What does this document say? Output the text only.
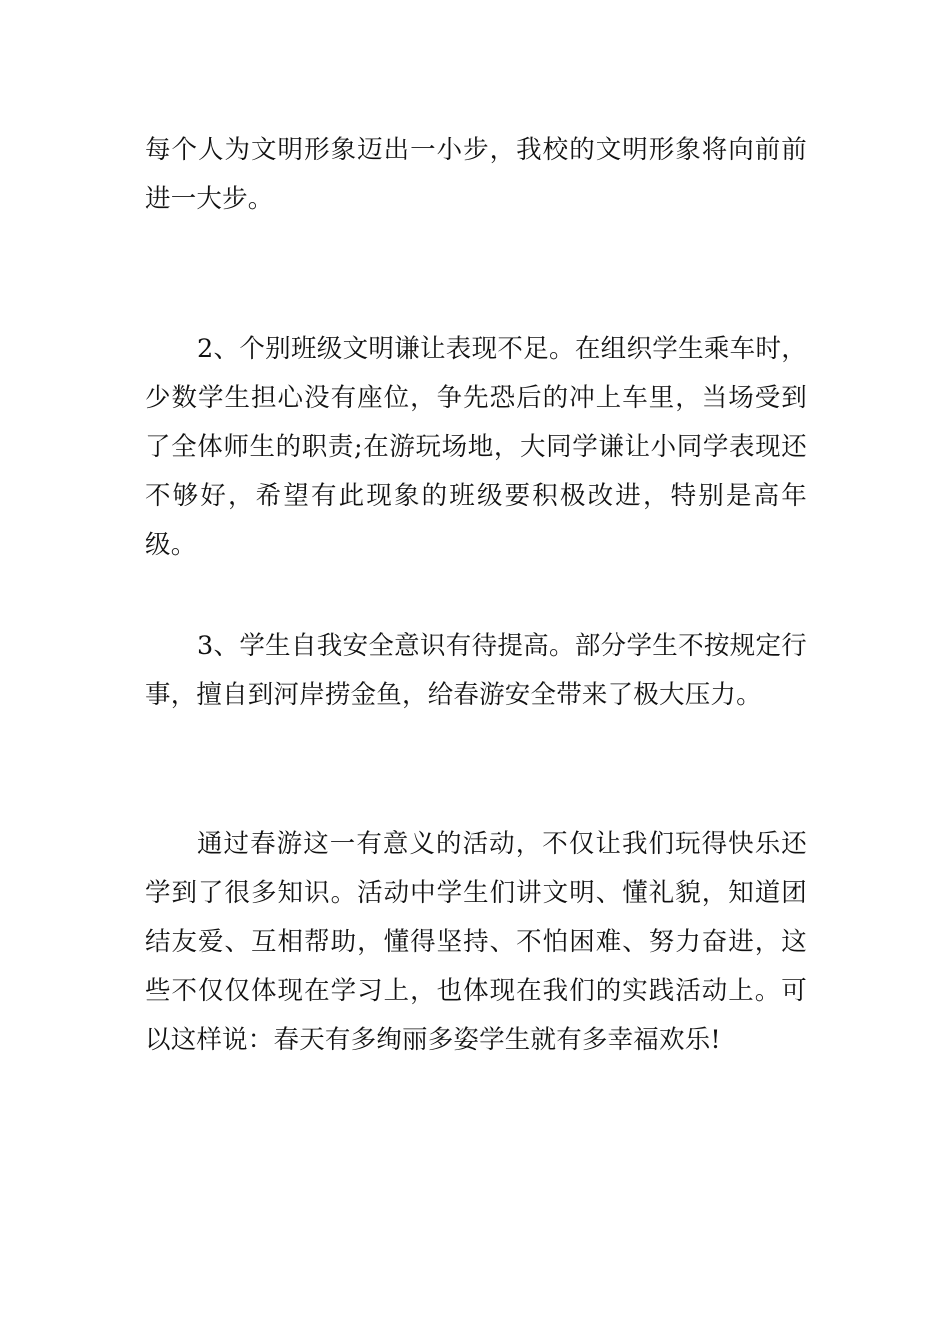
每个人为文明形象迈出一小步，我校的文明形象将向前前进一大步。

2、个别班级文明谦让表现不足。在组织学生乘车时，少数学生担心没有座位，争先恐后的冲上车里，当场受到了全体师生的职责;在游玩场地，大同学谦让小同学表现还不够好，希望有此现象的班级要积极改进，特别是高年级。

3、学生自我安全意识有待提高。部分学生不按规定行事，擅自到河岸捞金鱼，给春游安全带来了极大压力。

通过春游这一有意义的活动，不仅让我们玩得快乐还学到了很多知识。活动中学生们讲文明、懂礼貌，知道团结友爱、互相帮助，懂得坚持、不怕困难、努力奋进，这些不仅仅体现在学习上，也体现在我们的实践活动上。可以这样说：春天有多绚丽多姿学生就有多幸福欢乐!
